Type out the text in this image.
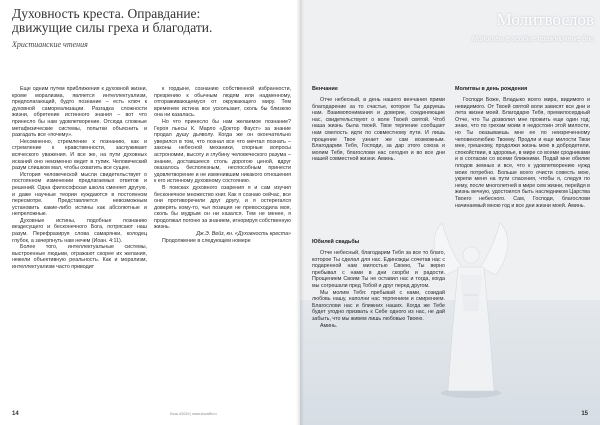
Духовность креста. Оправдание:
движущие силы греха и благодати.
Христианские чтения

Еще одним путем приближения к духовной жизни, кроме морализма, является интеллектуализм, предполагающий, будто познание – есть ключ к духовной самореализации. Разгадка сложности жизни, обретение истинного знания – вот что принесло бы нам удовлетворение. Отсюда сложные метафизические системы, попытки объяснить и разгадать все «почему».

Несомненно, стремление к познанию, как и стремление к нравственности, заслуживает всяческого уважения. И все же, на пути духовных исканий оно неизменно ведет в тупик. Человеческий разум слишком мал, чтобы охватить все сущее.

История человеческой мысли свидетельствует о постоянном изменении предлагаемых ответов и решений. Одна философская школа сменяет другую, и даже научные теории нуждаются в постоянном пересмотре. Представляется невозможным установить какие-либо истины как абсолютные и непреложные.

Духовные истины, подобные познанию вездесущего и бесконечного Бога, потрясают наш разум. Перефразируя слова самарянки, колодец глубок, а зачерпнуть нам нечем (Иоан. 4:11).

Более того, интеллектуальные системы, выстроенные людьми, отражают скорее их желания, нежели объективную реальность. Как и морализм, интеллектуализм часто приводит

к гордыне, сознанию собственной избранности, презрению к обычным людям или надменному, отгораживающемуся от окружающего миру. Тем временем истина все ускользает, сколь бы близкою она ни казалась.

Но что принесло бы нам желаемое познание? Героя пьесы К. Марло «Доктор Фауст» за знание продал душу дьяволу. Когда же он окончательно уверился в том, что познал все что мечтал познать – законы небесной механики, спорные вопросы астрономии, высоту и глубину человеческого разума – знание, доставшееся столь дорогою ценой, вдруг оказалось бесполезным, неспособным принести удовлетворение и не изменившим никакого отношения к его истинному духовному состоянию.

В поисках духовного озарения я и сам изучил бесконечное множество книг. Как я сознаю сейчас, все они противоречили друг другу, и я остерегался доверять кому-то, чья позиция не превосходила моя, сколь бы мудрым он ни казался. Тем не менее, я продолжал погоню за знанием, игнорируя собственную жизнь.

Дж.Э. Вейз, кн. «Духовность креста»

Продолжение в следующем номере

14	Лоза 4/2019 | www.vlozaflh.ru
Молитвослов
Молитвы в особые праздничные дни
Венчание

Отче небесный, в день нашего венчания прими благодарение за то счастье, которое Ты даруешь нам. Взаимопонимания и доверие, соединяющие нас, свидетельствуют о воле Твоей святой. Чтоб наша жизнь была твоей. Твое терпение сообщает нам смелость идти по совместному пути. И лишь прощение Твое узнает же сам возможным. Благодарим Тебя, Господи, за дар этого союза и молим Тебя, благослови нас сегодня и во все дни нашей совместной жизни. Аминь.

Юбилей свадьбы

Отче небесный, благодарим Тебя за все то благо, которое Ты сделал для нас. Единожды сочетав нас с подаренной нам милостью Своею, Ты верно пребывал с нами в дни скорби и радости. Прощением Своим Ты не оставил нас и тогда, когда мы согрешали пред Тобой и друг перед другом.

Мы молим Тебя: пребывай с нами, созидай любовь нашу, наполни нас терпением и смирением. Благослови нас и ближних наших. Когда же Тебе будет угодно призвать к Себе одного из нас, не дай забыть, что мы живем лишь любовью Твоею.

Аминь.

Молитвы в день рождения

Господи Боже, Владыко всего мира, видимого и невидимого. От Твоей святой воли зависят все дни и лета жизни моей. Благодарю Тебя, премилосердный Отче, что Ты дозволил мне прожить еще один год; знаю, что по грехам моим я недостоин этой милости, но Ты оказываешь мне ее по неизреченному человеколюбию Твоему. Продли и еще милости Твои мне, грешному, продолжи жизнь мою в добродетели, спокойствии, в здоровье, в мире со всеми сродниками и в согласии со всеми ближними. Подай мне обилие плодов земных и все, что к удовлетворению нужд моих потребно. Больше всего очисти совесть мою, укрепи меня на пути спасения, чтобы я, следуя по нему, после многолетней в мире сем жизни, перейдя в жизнь вечную, удостоился быть наследником Царства Твоего небесного. Сам, Господи, благослови начинаемый мною год и все дни жизни моей. Аминь.

15
